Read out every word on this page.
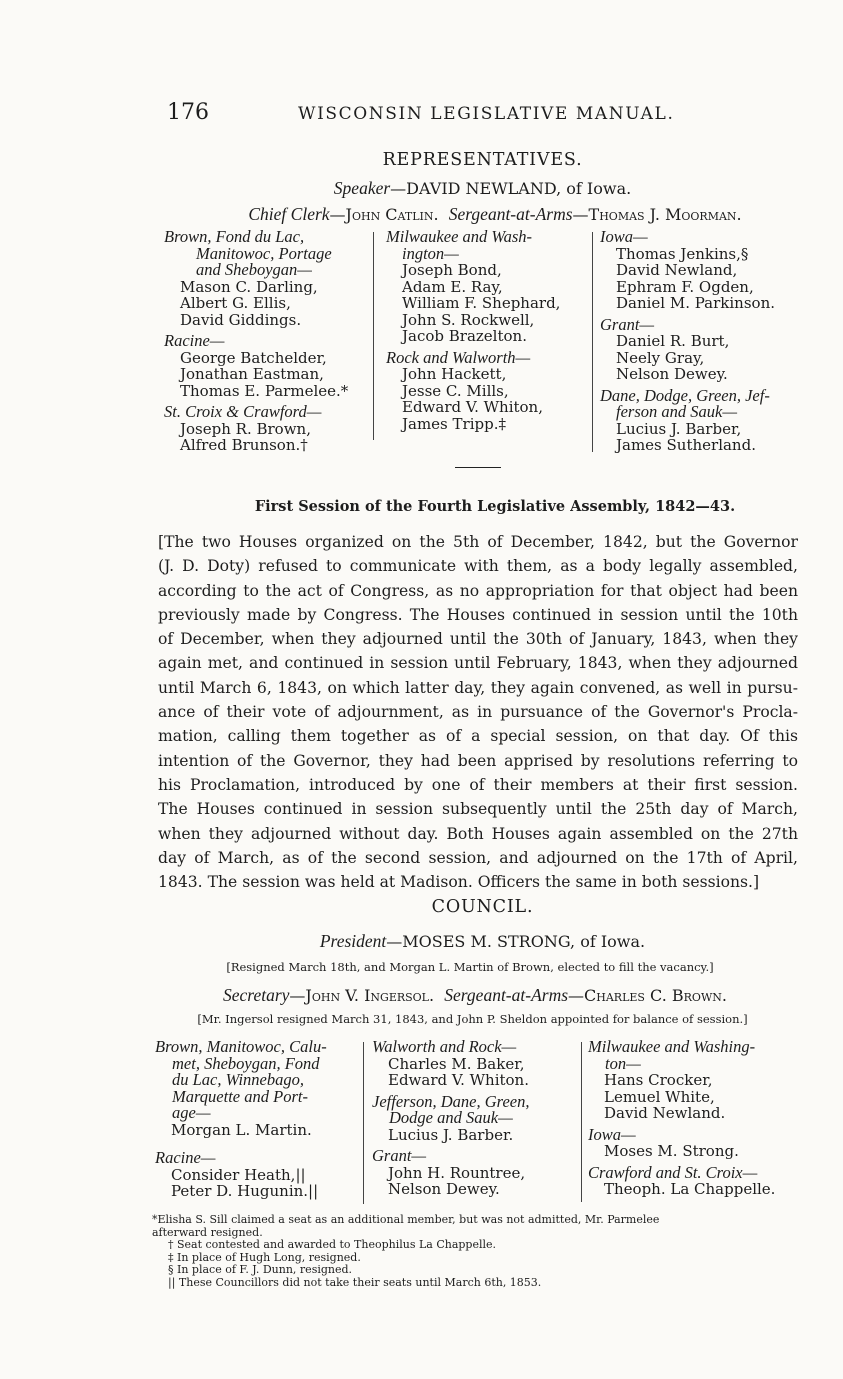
176	WISCONSIN LEGISLATIVE MANUAL.
REPRESENTATIVES.
Speaker—DAVID NEWLAND, of Iowa.
Chief Clerk—John Catlin. Sergeant-at-Arms—Thomas J. Moorman.
Brown, Fond du Lac,
Manitowoc, Portage
and Sheboygan—
Mason C. Darling,
Albert G. Ellis,
David Giddings.
Racine—
George Batchelder,
Jonathan Eastman,
Thomas E. Parmelee.*
St. Croix & Crawford—
Joseph R. Brown,
Alfred Brunson.†
Milwaukee and Wash-
ington—
Joseph Bond,
Adam E. Ray,
William F. Shephard,
John S. Rockwell,
Jacob Brazelton.
Rock and Walworth—
John Hackett,
Jesse C. Mills,
Edward V. Whiton,
James Tripp.‡
Iowa—
Thomas Jenkins,§
David Newland,
Ephram F. Ogden,
Daniel M. Parkinson.
Grant—
Daniel R. Burt,
Neely Gray,
Nelson Dewey.
Dane, Dodge, Green, Jef-
ferson and Sauk—
Lucius J. Barber,
James Sutherland.
First Session of the Fourth Legislative Assembly, 1842—43.
[The two Houses organized on the 5th of December, 1842, but the Governor
(J. D. Doty) refused to communicate with them, as a body legally assembled,
according to the act of Congress, as no appropriation for that object had been
previously made by Congress. The Houses continued in session until the 10th
of December, when they adjourned until the 30th of January, 1843, when they
again met, and continued in session until February, 1843, when they adjourned
until March 6, 1843, on which latter day, they again convened, as well in pursu-
ance of their vote of adjournment, as in pursuance of the Governor's Procla-
mation, calling them together as of a special session, on that day. Of this
intention of the Governor, they had been apprised by resolutions referring to
his Proclamation, introduced by one of their members at their first session.
The Houses continued in session subsequently until the 25th day of March,
when they adjourned without day. Both Houses again assembled on the 27th
day of March, as of the second session, and adjourned on the 17th of April,
1843. The session was held at Madison. Officers the same in both sessions.]
COUNCIL.
President—MOSES M. STRONG, of Iowa.
[Resigned March 18th, and Morgan L. Martin of Brown, elected to fill the vacancy.]
Secretary—John V. Ingersol. Sergeant-at-Arms—Charles C. Brown.
[Mr. Ingersol resigned March 31, 1843, and John P. Sheldon appointed for balance of session.]
Brown, Manitowoc, Calu-
met, Sheboygan, Fond
du Lac, Winnebago,
Marquette and Port-
age—
Morgan L. Martin.
Racine—
Consider Heath,||
Peter D. Hugunin.||
Walworth and Rock—
Charles M. Baker,
Edward V. Whiton.
Jefferson, Dane, Green,
Dodge and Sauk—
Lucius J. Barber.
Grant—
John H. Rountree,
Nelson Dewey.
Milwaukee and Washing-
ton—
Hans Crocker,
Lemuel White,
David Newland.
Iowa—
Moses M. Strong.
Crawford and St. Croix—
Theoph. La Chappelle.
*Elisha S. Sill claimed a seat as an additional member, but was not admitted, Mr. Parmelee
afterward resigned.
† Seat contested and awarded to Theophilus La Chappelle.
‡ In place of Hugh Long, resigned.
§ In place of F. J. Dunn, resigned.
|| These Councillors did not take their seats until March 6th, 1853.
